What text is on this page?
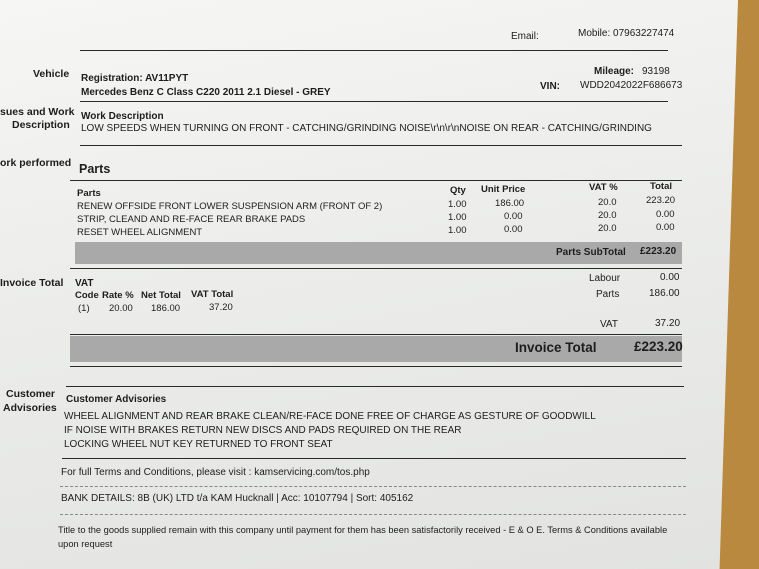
Email:	Mobile: 07963227474
Vehicle Registration: AV11PYT
Mercedes Benz C Class C220 2011 2.1 Diesel - GREY
Mileage: 93198
VIN: WDD2042022F686673
sues and Work
Description
Work Description
LOW SPEEDS WHEN TURNING ON FRONT - CATCHING/GRINDING NOISE\r\n\r\nNOISE ON REAR - CATCHING/GRINDING
ork performed Parts
Parts	Qty Unit Price	VAT %	Total
RENEW OFFSIDE FRONT LOWER SUSPENSION ARM (FRONT OF 2)	1.00	186.00	20.0	223.20
STRIP, CLEAND AND RE-FACE REAR BRAKE PADS	1.00	0.00	20.0	0.00
RESET WHEEL ALIGNMENT	1.00	0.00	20.0	0.00
Parts SubTotal £223.20
Invoice Total VAT
Code Rate % Net Total VAT Total
(1) 20.00 186.00	37.20
Labour	0.00
Parts	186.00
VAT	37.20
Invoice Total	£223.20
Customer
Advisories
Customer Advisories
WHEEL ALIGNMENT AND REAR BRAKE CLEAN/RE-FACE DONE FREE OF CHARGE AS GESTURE OF GOODWILL
IF NOISE WITH BRAKES RETURN NEW DISCS AND PADS REQUIRED ON THE REAR
LOCKING WHEEL NUT KEY RETURNED TO FRONT SEAT
For full Terms and Conditions, please visit : kamservicing.com/tos.php
BANK DETAILS: 8B (UK) LTD t/a KAM Hucknall | Acc: 10107794 | Sort: 405162
Title to the goods supplied remain with this company until payment for them has been satisfactorily received - E & O E. Terms & Conditions available
upon request
